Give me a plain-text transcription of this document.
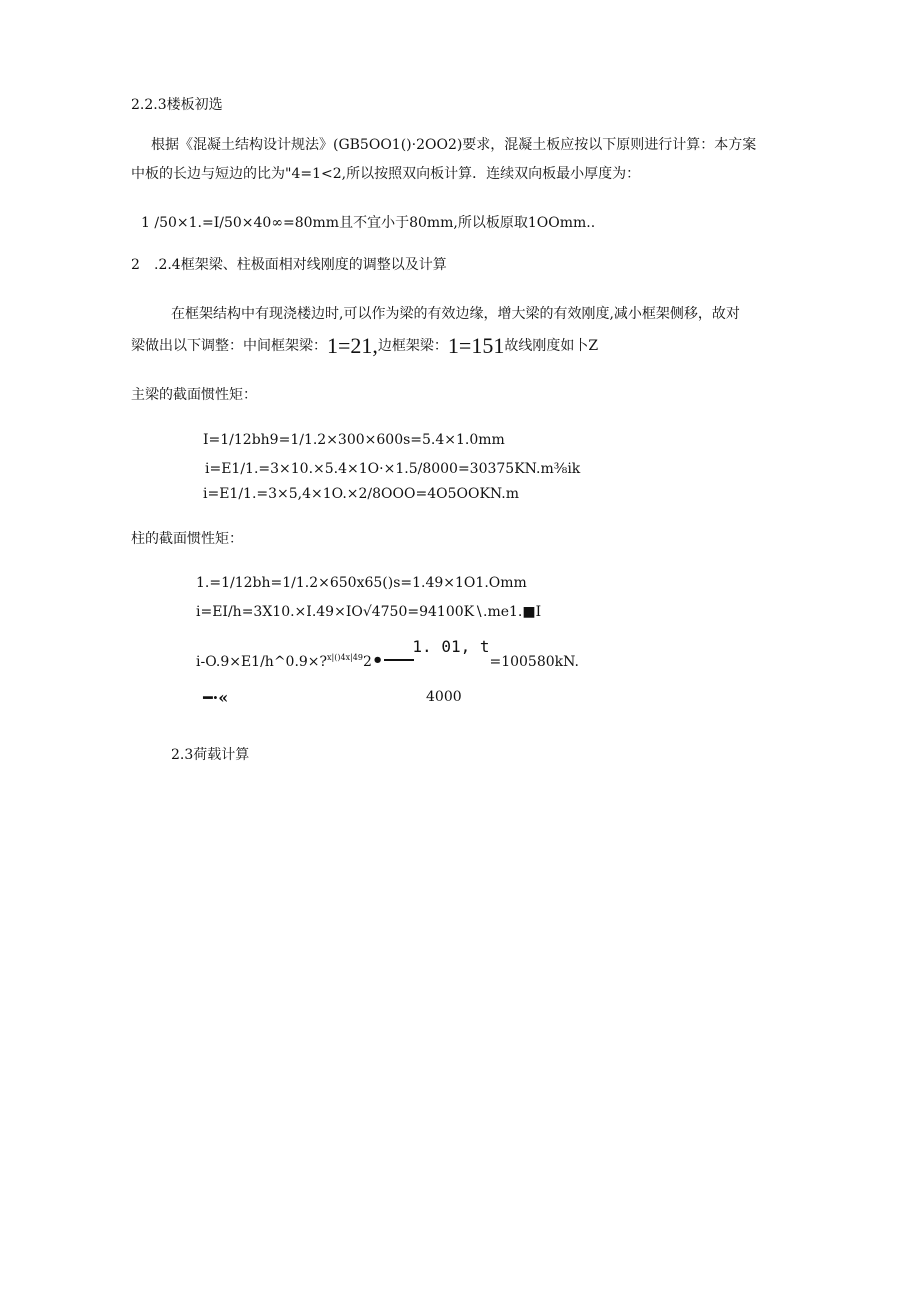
2.2.3楼板初选
根据《混凝土结构设计规法》(GB5OO1()·2OO2)要求，混凝土板应按以下原则进行计算：本方案
中板的长边与短边的比为"4=1<2,所以按照双向板计算．连续双向板最小厚度为：
1 ∕50×1.=Ⅰ∕50×40∞=80mm且不宜小于80mm,所以板原取1OOmm..
2 .2.4框架梁、柱极面相对线刚度的调整以及计算
在框架结构中有现浇楼边时,可以作为梁的有效边缘，增大梁的有效刚度,减小框架侧移，故对
梁做出以下调整：中间框架梁：1=21,边框架梁：1=151故线刚度如卜Z
主梁的截面惯性矩：
I=1∕12bh9=1∕1.2×300×600s=5.4×1.0mm
i=E1∕1.=3×10.×5.4×1O·×1.5∕8000=30375KN.m⅜ik
i=E1∕1.=3×5,4×1O.×2∕8OOO=4O5OOKN.m
柱的截面惯性矩：
1.=1∕12bh=1∕1.2×650x65()s=1.49×1O1.Omm
i=EI/h=3X10.×I.49×IO√4750=94100K∖.me1.■I
i-O.9×E1/h^0.9×?$^{x|()4x|49}$2•1. 01, t=100580kN.
━·«	4000
2.3荷载计算
